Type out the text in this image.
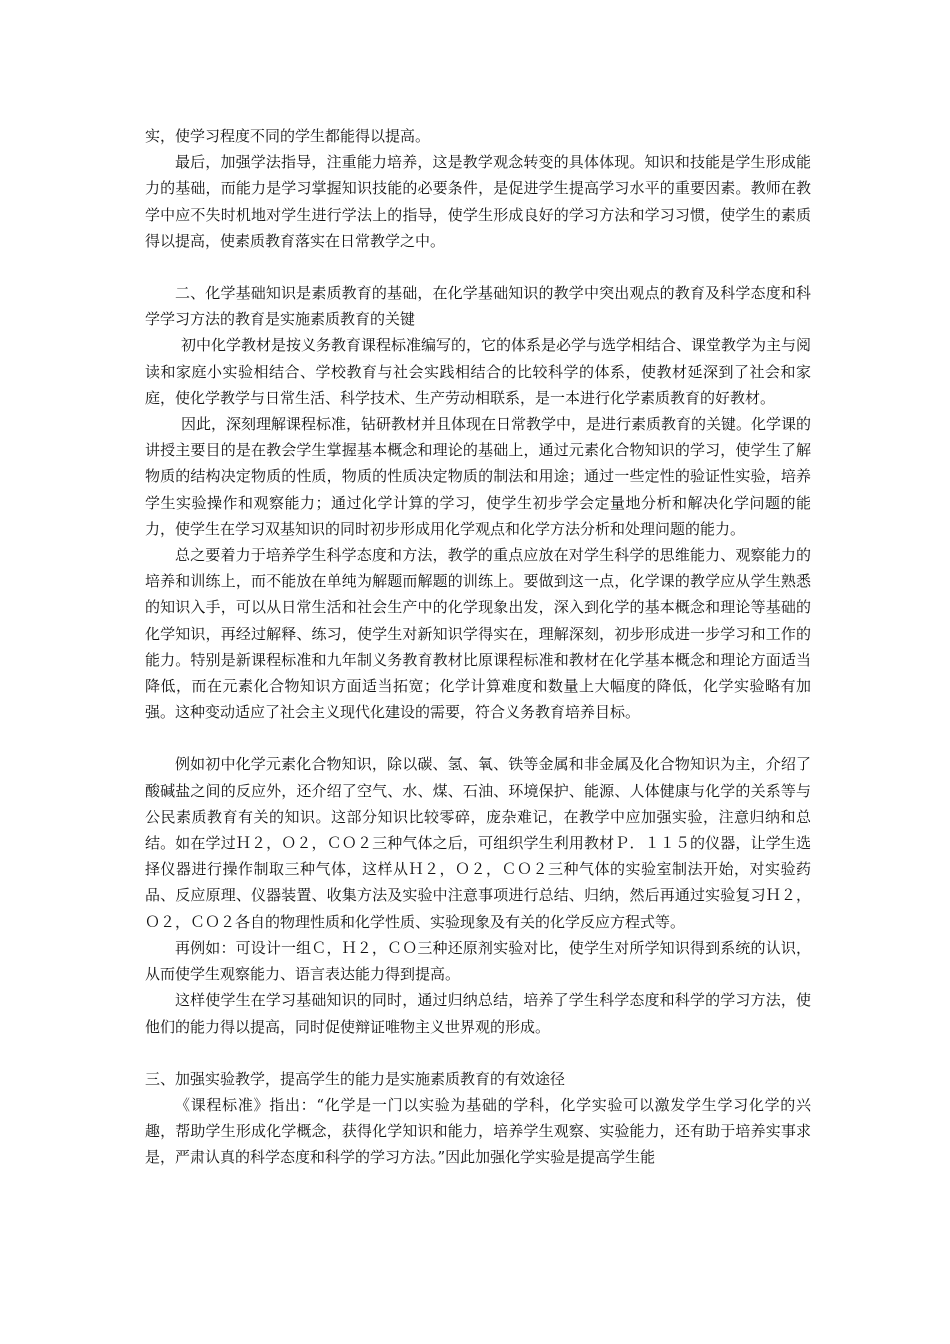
实，使学习程度不同的学生都能得以提高。

最后，加强学法指导，注重能力培养，这是教学观念转变的具体体现。知识和技能是学生形成能力的基础，而能力是学习掌握知识技能的必要条件，是促进学生提高学习水平的重要因素。教师在教学中应不失时机地对学生进行学法上的指导，使学生形成良好的学习方法和学习习惯，使学生的素质得以提高，使素质教育落实在日常教学之中。

二、化学基础知识是素质教育的基础，在化学基础知识的教学中突出观点的教育及科学态度和科学学习方法的教育是实施素质教育的关键

初中化学教材是按义务教育课程标准编写的，它的体系是必学与选学相结合、课堂教学为主与阅读和家庭小实验相结合、学校教育与社会实践相结合的比较科学的体系，使教材延深到了社会和家庭，使化学教学与日常生活、科学技术、生产劳动相联系，是一本进行化学素质教育的好教材。

因此，深刻理解课程标准，钻研教材并且体现在日常教学中，是进行素质教育的关键。化学课的讲授主要目的是在教会学生掌握基本概念和理论的基础上，通过元素化合物知识的学习，使学生了解物质的结构决定物质的性质，物质的性质决定物质的制法和用途；通过一些定性的验证性实验，培养学生实验操作和观察能力；通过化学计算的学习，使学生初步学会定量地分析和解决化学问题的能力，使学生在学习双基知识的同时初步形成用化学观点和化学方法分析和处理问题的能力。

总之要着力于培养学生科学态度和方法，教学的重点应放在对学生科学的思维能力、观察能力的培养和训练上，而不能放在单纯为解题而解题的训练上。要做到这一点，化学课的教学应从学生熟悉的知识入手，可以从日常生活和社会生产中的化学现象出发，深入到化学的基本概念和理论等基础的化学知识，再经过解释、练习，使学生对新知识学得实在，理解深刻，初步形成进一步学习和工作的能力。特别是新课程标准和九年制义务教育教材比原课程标准和教材在化学基本概念和理论方面适当降低，而在元素化合物知识方面适当拓宽；化学计算难度和数量上大幅度的降低，化学实验略有加强。这种变动适应了社会主义现代化建设的需要，符合义务教育培养目标。

例如初中化学元素化合物知识，除以碳、氢、氧、铁等金属和非金属及化合物知识为主，介绍了酸碱盐之间的反应外，还介绍了空气、水、煤、石油、环境保护、能源、人体健康与化学的关系等与公民素质教育有关的知识。这部分知识比较零碎，庞杂难记，在教学中应加强实验，注意归纳和总结。如在学过Ｈ２，Ｏ２，ＣＯ２三种气体之后，可组织学生利用教材Ｐ．１１５的仪器，让学生选择仪器进行操作制取三种气体，这样从Ｈ２，Ｏ２，ＣＯ２三种气体的实验室制法开始，对实验药品、反应原理、仪器装置、收集方法及实验中注意事项进行总结、归纳，然后再通过实验复习Ｈ２，Ｏ２，ＣＯ２各自的物理性质和化学性质、实验现象及有关的化学反应方程式等。

再例如：可设计一组Ｃ，Ｈ２，ＣＯ三种还原剂实验对比，使学生对所学知识得到系统的认识，从而使学生观察能力、语言表达能力得到提高。

这样使学生在学习基础知识的同时，通过归纳总结，培养了学生科学态度和科学的学习方法，使他们的能力得以提高，同时促使辩证唯物主义世界观的形成。

三、加强实验教学，提高学生的能力是实施素质教育的有效途径

《课程标准》指出：“化学是一门以实验为基础的学科，化学实验可以激发学生学习化学的兴趣，帮助学生形成化学概念，获得化学知识和能力，培养学生观察、实验能力，还有助于培养实事求是，严肃认真的科学态度和科学的学习方法。”因此加强化学实验是提高学生能
